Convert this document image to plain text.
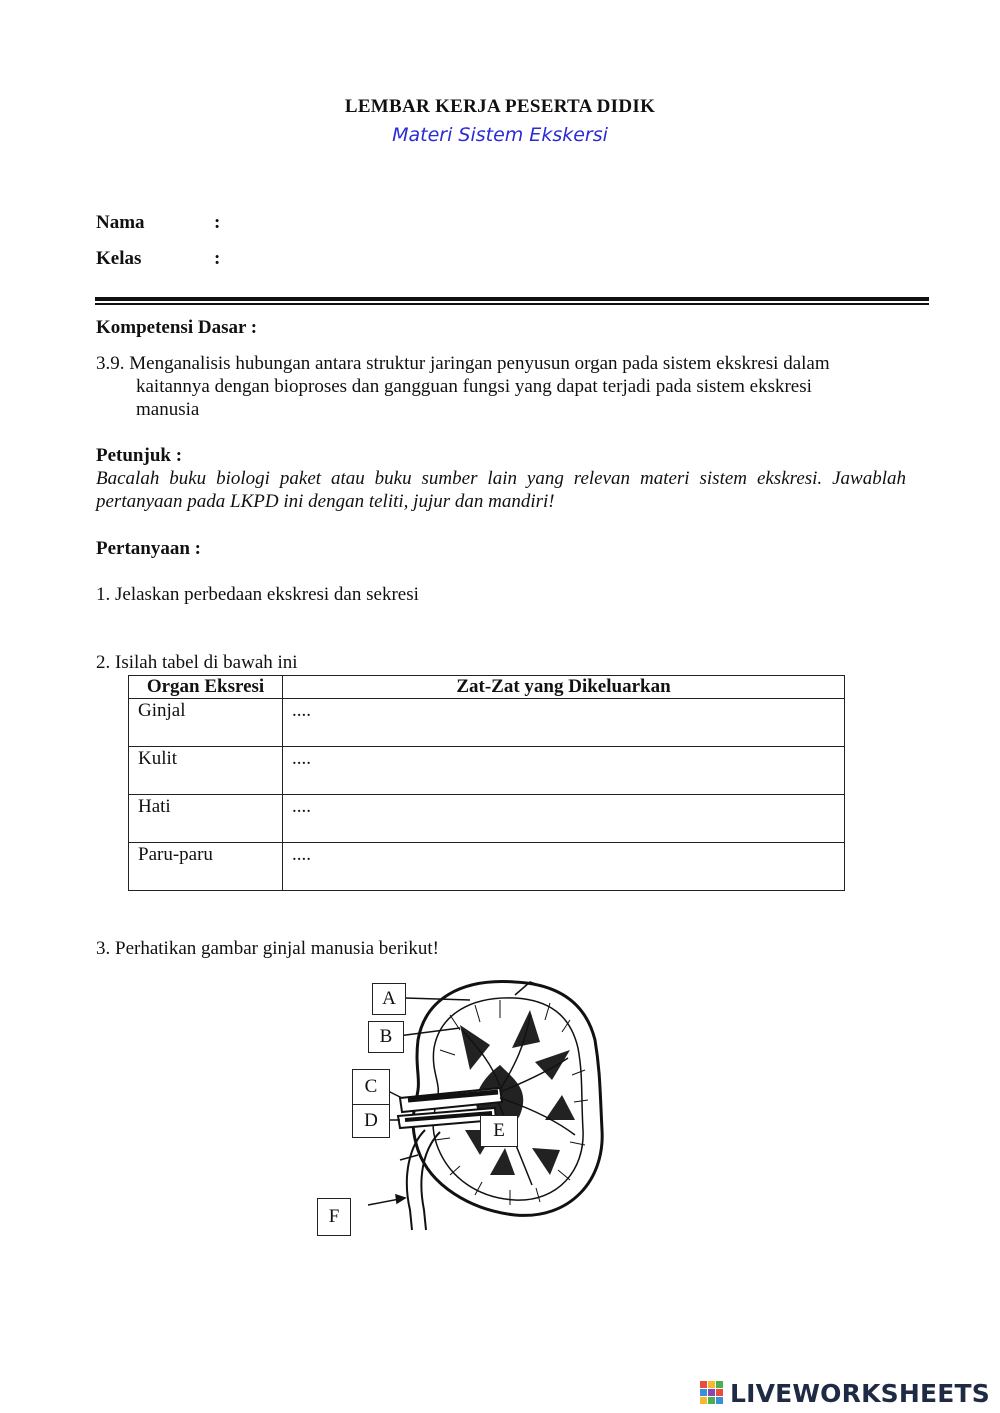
LEMBAR KERJA PESERTA DIDIK
Materi Sistem Ekskersi
Nama	:
Kelas	:
Kompetensi Dasar :
3.9. Menganalisis hubungan antara struktur jaringan penyusun organ pada sistem ekskresi dalam
kaitannya dengan bioproses dan gangguan fungsi yang dapat terjadi pada sistem ekskresi
manusia
Petunjuk :
Bacalah buku biologi paket atau buku sumber lain yang relevan materi sistem ekskresi. Jawablah pertanyaan pada LKPD ini dengan teliti, jujur dan mandiri!
Pertanyaan :
1. Jelaskan perbedaan ekskresi dan sekresi
2. Isilah tabel di bawah ini
Organ Eksresi	Zat-Zat yang Dikeluarkan
Ginjal	....
Kulit	....
Hati	....
Paru-paru	....
3. Perhatikan gambar ginjal manusia berikut!
A
B
C
D	E
F
LIVEWORKSHEETS
